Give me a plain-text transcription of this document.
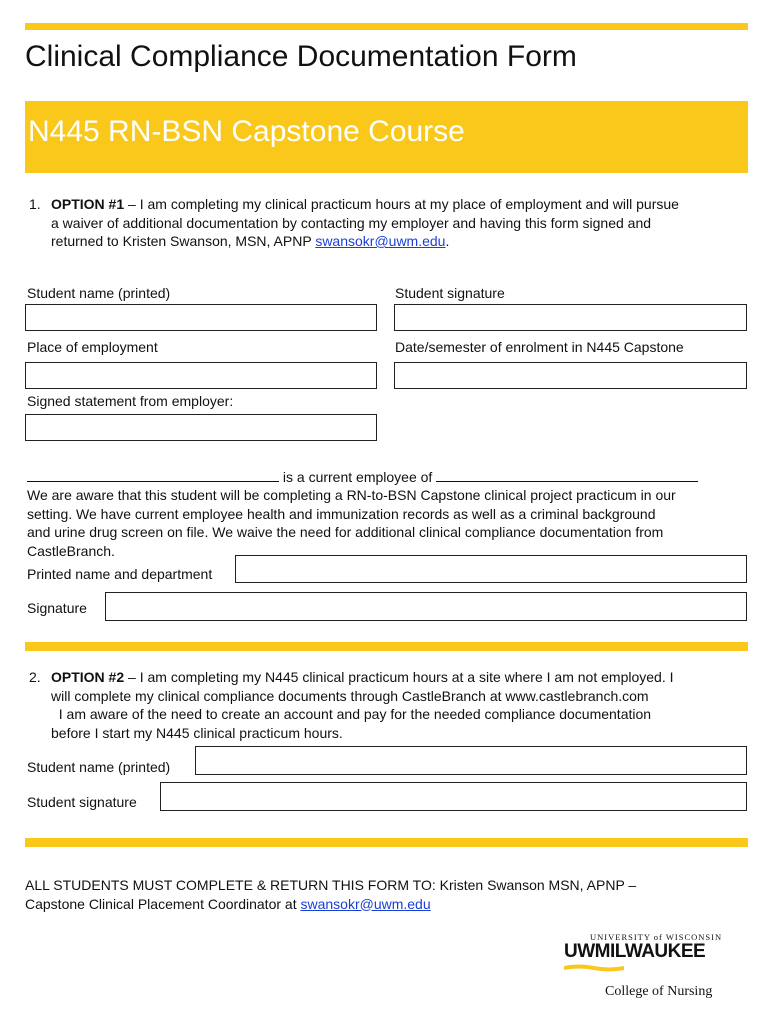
Clinical Compliance Documentation Form
N445 RN-BSN Capstone Course
1. OPTION #1 – I am completing my clinical practicum hours at my place of employment and will pursue
a waiver of additional documentation by contacting my employer and having this form signed and
returned to Kristen Swanson, MSN, APNP swansokr@uwm.edu.
Student name (printed)	Student signature
Place of employment	Date/semester of enrolment in N445 Capstone
Signed statement from employer:
is a current employee of
We are aware that this student will be completing a RN-to-BSN Capstone clinical project practicum in our
setting. We have current employee health and immunization records as well as a criminal background
and urine drug screen on file. We waive the need for additional clinical compliance documentation from
CastleBranch.
Printed name and department
Signature
2. OPTION #2 – I am completing my N445 clinical practicum hours at a site where I am not employed. I
will complete my clinical compliance documents through CastleBranch at www.castlebranch.com
I am aware of the need to create an account and pay for the needed compliance documentation
before I start my N445 clinical practicum hours.
Student name (printed)
Student signature
ALL STUDENTS MUST COMPLETE & RETURN THIS FORM TO: Kristen Swanson MSN, APNP –
Capstone Clinical Placement Coordinator at swansokr@uwm.edu
UNIVERSITY of WISCONSIN
UWMILWAUKEE
College of Nursing
